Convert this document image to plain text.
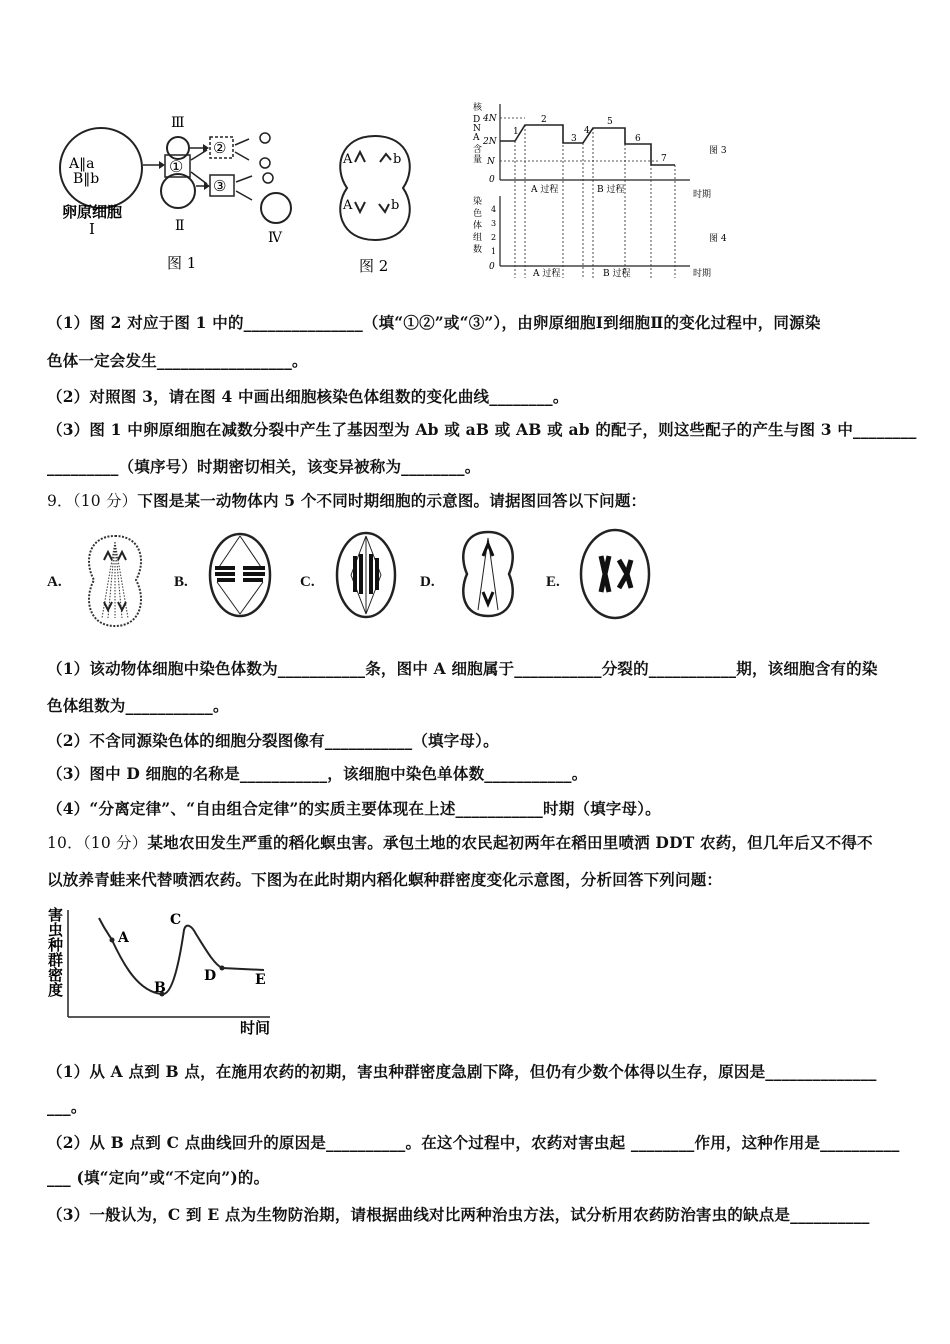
A‖a
B‖b
卵原细胞
Ⅰ
①
Ⅲ
②
Ⅱ
③
Ⅳ
图 1
A	b
A	b
图 2
核
D
N
A
含
量
4N
2N
N
0
1
2
3
4
5
6
7
A 过程	B 过程	时期
图 3
染
色
体
组
数
4
3
2
1
0
A 过程	B 过程	时期
图 4
（1）图 2 对应于图 1 中的_______________（填“①②”或“③”），由卵原细胞Ⅰ到细胞Ⅱ的变化过程中，同源染
色体一定会发生_________________。
（2）对照图 3，请在图 4 中画出细胞核染色体组数的变化曲线________。
（3）图 1 中卵原细胞在减数分裂中产生了基因型为 Ab 或 aB 或 AB 或 ab 的配子，则这些配子的产生与图 3 中________
_________（填序号）时期密切相关，该变异被称为________。
9．（10 分）下图是某一动物体内 5 个不同时期细胞的示意图。请据图回答以下问题：
A.	B.	C.	D.	E.
（1）该动物体细胞中染色体数为___________条，图中 A 细胞属于___________分裂的___________期，该细胞含有的染
色体组数为___________。
（2）不含同源染色体的细胞分裂图像有___________（填字母）。
（3）图中 D 细胞的名称是___________，该细胞中染色单体数___________。
（4）“分离定律”、“自由组合定律”的实质主要体现在上述___________时期（填字母）。
10．（10 分）某地农田发生严重的稻化螟虫害。承包土地的农民起初两年在稻田里喷洒 DDT 农药，但几年后又不得不
以放养青蛙来代替喷洒农药。下图为在此时期内稻化螟种群密度变化示意图，分析回答下列问题：
害
虫
种
群
密
度
A
B
C
D	E
时间
（1）从 A 点到 B 点，在施用农药的初期，害虫种群密度急剧下降，但仍有少数个体得以生存，原因是______________
___。
（2）从 B 点到 C 点曲线回升的原因是__________。在这个过程中，农药对害虫起 ________作用，这种作用是__________
___ (填“定向”或“不定向”)的。
（3）一般认为，C 到 E 点为生物防治期，请根据曲线对比两种治虫方法，试分析用农药防治害虫的缺点是__________
